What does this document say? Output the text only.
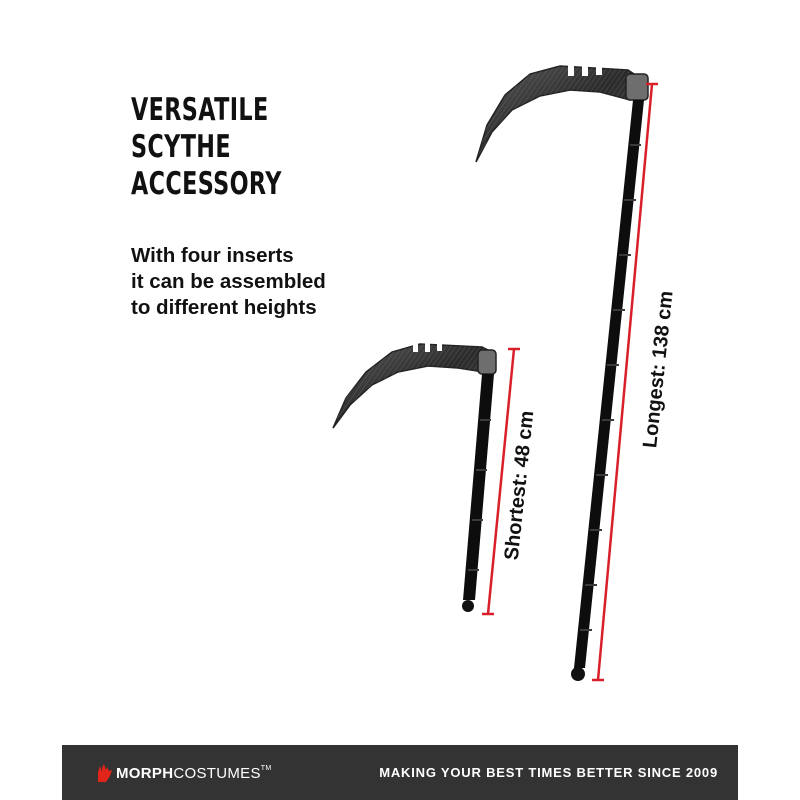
VERSATILE
SCYTHE
ACCESSORY
With four inserts
it can be assembled
to different heights	Longest: 138 cm
Shortest: 48 cm
MORPHCOSTUMES™	MAKING YOUR BEST TIMES BETTER SINCE 2009
